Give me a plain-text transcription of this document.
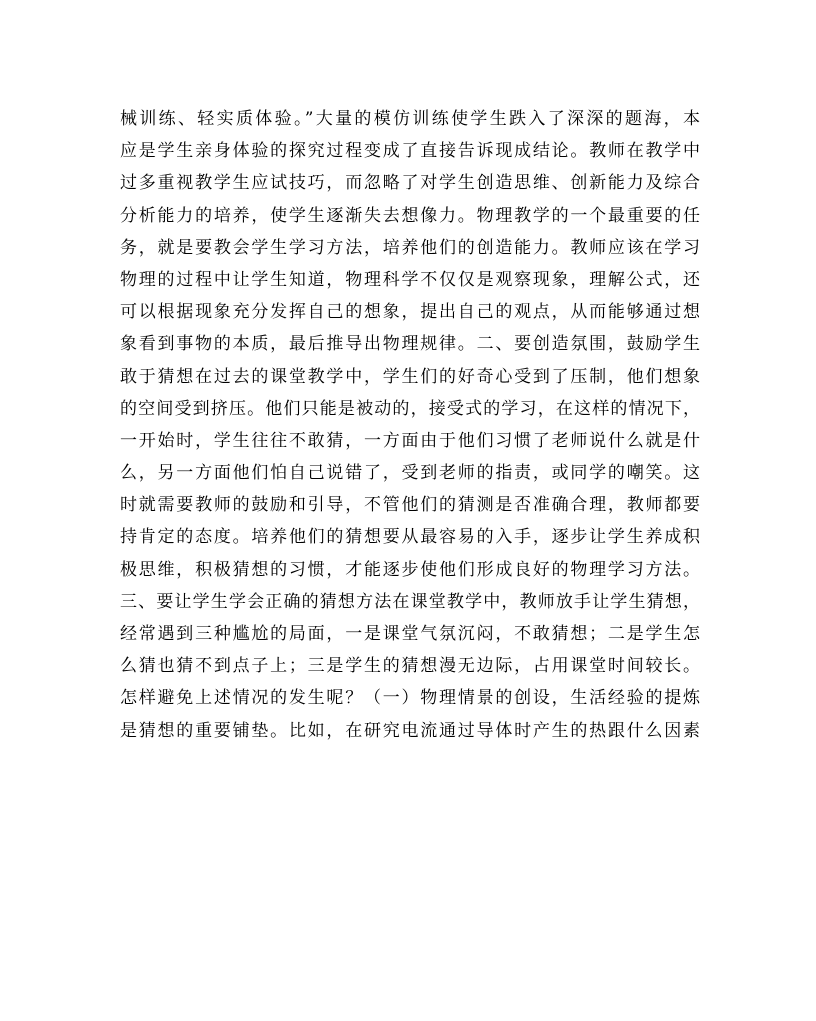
械训练、轻实质体验。”大量的模仿训练使学生跌入了深深的题海，本
应是学生亲身体验的探究过程变成了直接告诉现成结论。教师在教学中
过多重视教学生应试技巧，而忽略了对学生创造思维、创新能力及综合
分析能力的培养，使学生逐渐失去想像力。物理教学的一个最重要的任
务，就是要教会学生学习方法，培养他们的创造能力。教师应该在学习
物理的过程中让学生知道，物理科学不仅仅是观察现象，理解公式，还
可以根据现象充分发挥自己的想象，提出自己的观点，从而能够通过想
象看到事物的本质，最后推导出物理规律。二、要创造氛围，鼓励学生
敢于猜想在过去的课堂教学中，学生们的好奇心受到了压制，他们想象
的空间受到挤压。他们只能是被动的，接受式的学习，在这样的情况下，
一开始时，学生往往不敢猜，一方面由于他们习惯了老师说什么就是什
么，另一方面他们怕自己说错了，受到老师的指责，或同学的嘲笑。这
时就需要教师的鼓励和引导，不管他们的猜测是否准确合理，教师都要
持肯定的态度。培养他们的猜想要从最容易的入手，逐步让学生养成积
极思维，积极猜想的习惯，才能逐步使他们形成良好的物理学习方法。
三、要让学生学会正确的猜想方法在课堂教学中，教师放手让学生猜想，
经常遇到三种尴尬的局面，一是课堂气氛沉闷，不敢猜想；二是学生怎
么猜也猜不到点子上；三是学生的猜想漫无边际，占用课堂时间较长。
怎样避免上述情况的发生呢？（一）物理情景的创设，生活经验的提炼
是猜想的重要铺垫。比如，在研究电流通过导体时产生的热跟什么因素
